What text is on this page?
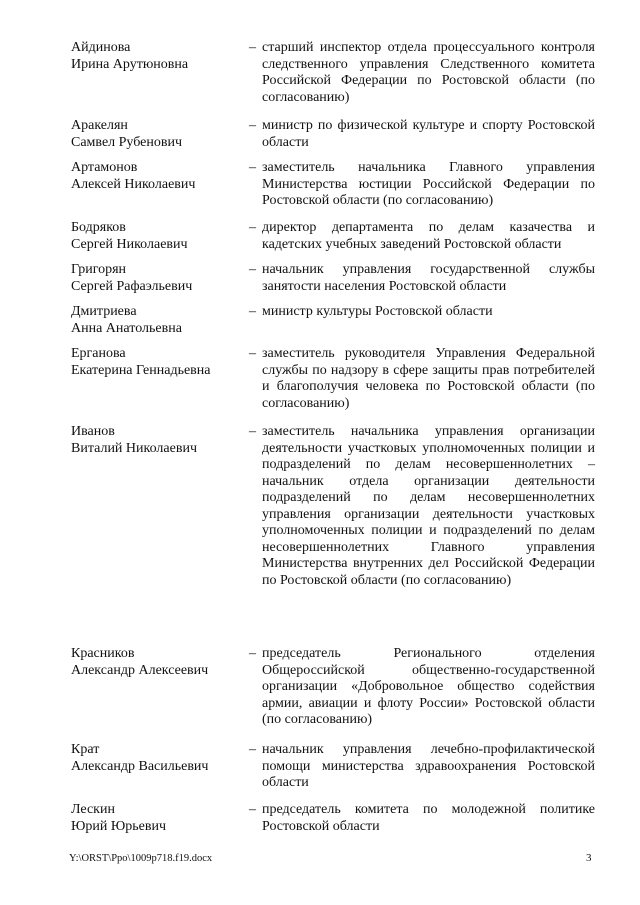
Айдинова
Ирина Арутюновна
– старший инспектор отдела процессуального контроля следственного управления Следственного комитета Российской Федерации по Ростовской области (по согласованию)
Аракелян
Самвел Рубенович
– министр по физической культуре и спорту Ростовской области
Артамонов
Алексей Николаевич
– заместитель начальника Главного управления Министерства юстиции Российской Федерации по Ростовской области (по согласованию)
Бодряков
Сергей Николаевич
– директор департамента по делам казачества и кадетских учебных заведений Ростовской области
Григорян
Сергей Рафаэльевич
– начальник управления государственной службы занятости населения Ростовской области
Дмитриева
Анна Анатольевна
– министр культуры Ростовской области
Ерганова
Екатерина Геннадьевна
– заместитель руководителя Управления Федеральной службы по надзору в сфере защиты прав потребителей и благополучия человека по Ростовской области (по согласованию)
Иванов
Виталий Николаевич
– заместитель начальника управления организации деятельности участковых уполномоченных полиции и подразделений по делам несовершеннолетних – начальник отдела организации деятельности подразделений по делам несовершеннолетних управления организации деятельности участковых уполномоченных полиции и подразделений по делам несовершеннолетних Главного управления Министерства внутренних дел Российской Федерации по Ростовской области (по согласованию)
Красников
Александр Алексеевич
– председатель Регионального отделения Общероссийской общественно-государственной организации «Добровольное общество содействия армии, авиации и флоту России» Ростовской области (по согласованию)
Крат
Александр Васильевич
– начальник управления лечебно-профилактической помощи министерства здравоохранения Ростовской области
Лескин
Юрий Юрьевич
– председатель комитета по молодежной политике Ростовской области
Y:\ORST\Ppo\1009p718.f19.docx	3
